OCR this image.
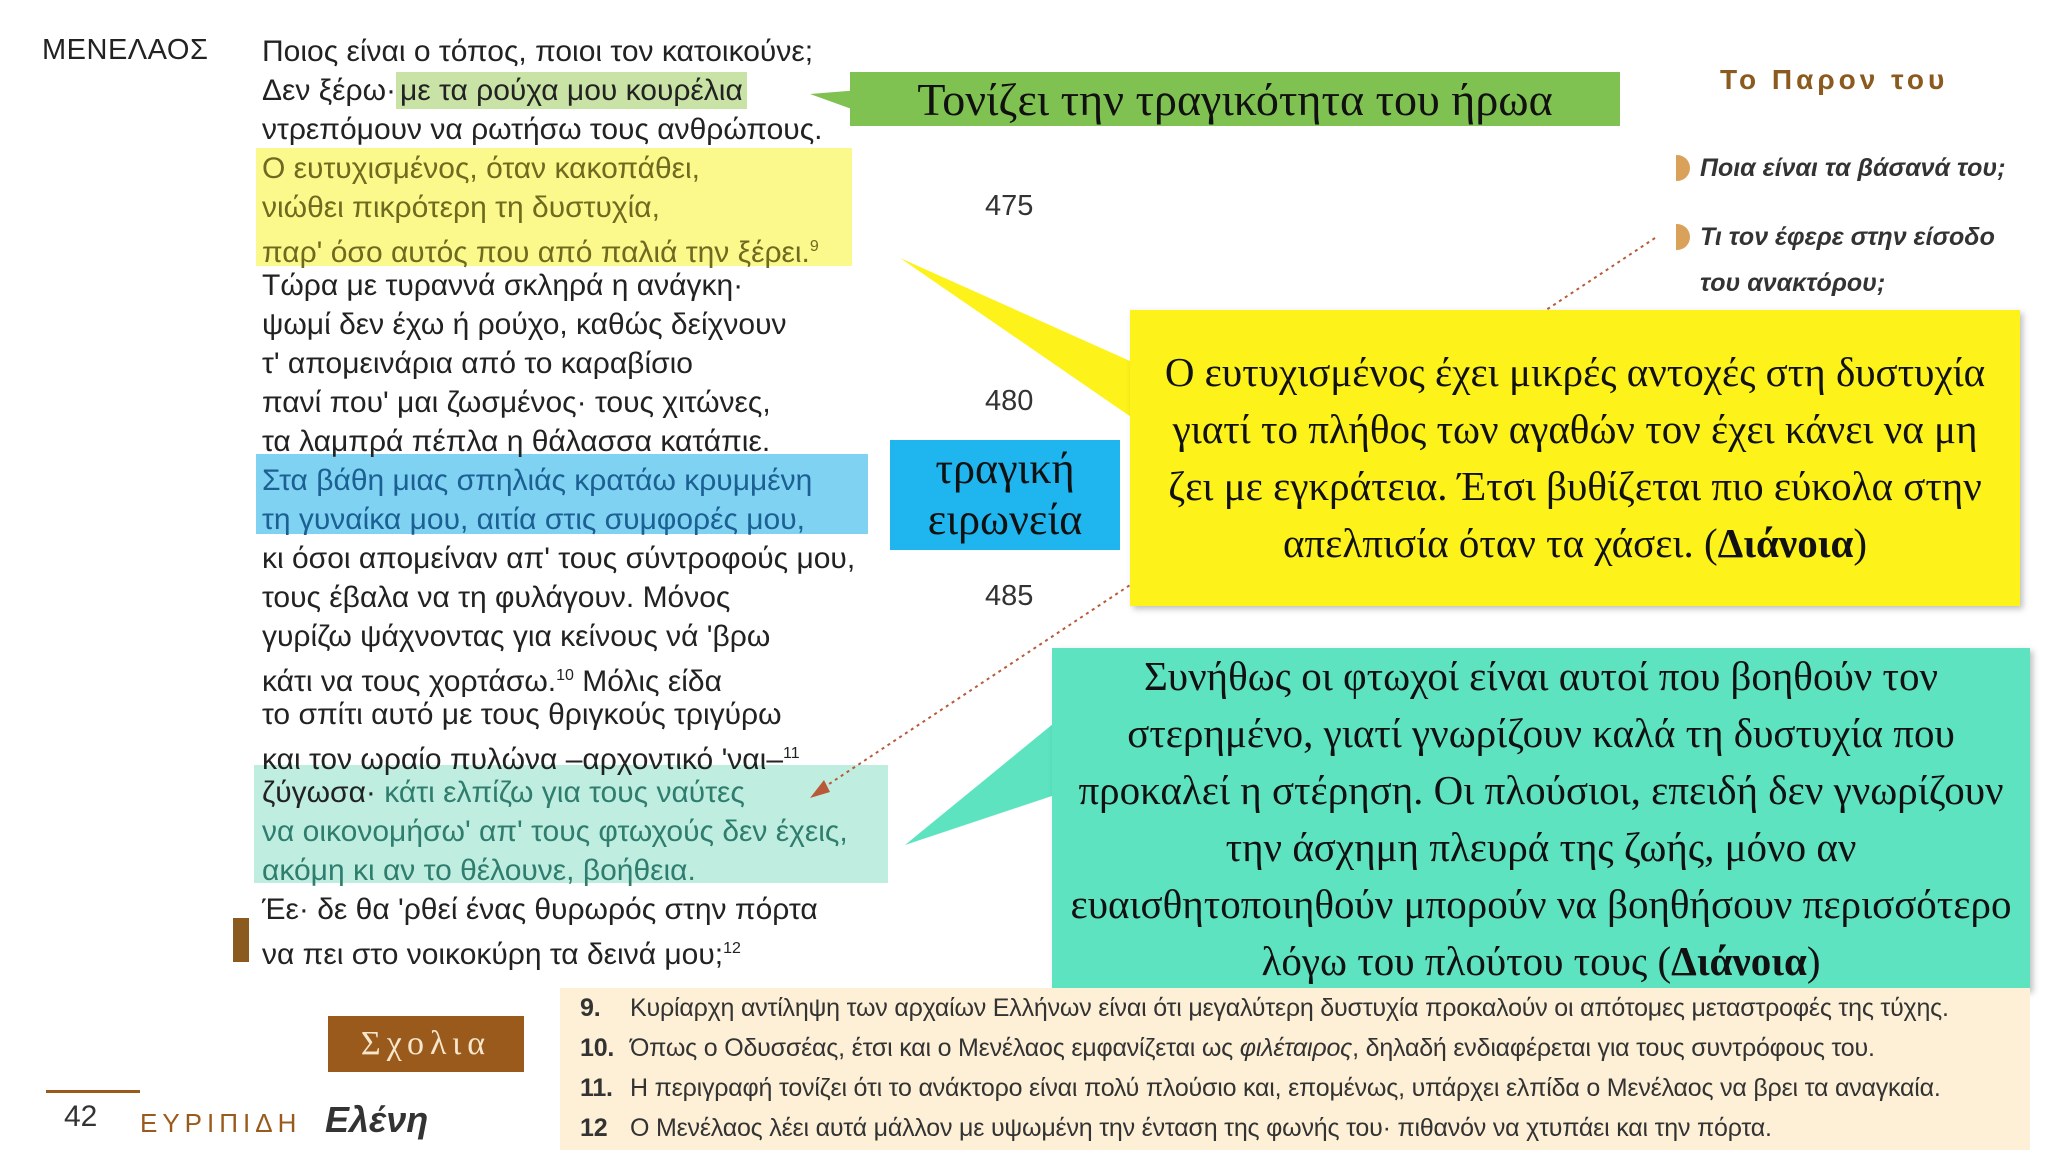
ΜΕΝΕΛΑΟΣ Ποιος είναι ο τόπος, ποιοι τον κατοικούνε;
Δεν ξέρω· με τα ρούχα μου κουρέλια
ντρεπόμουν να ρωτήσω τους ανθρώπους.
Ο ευτυχισμένος, όταν κακοπάθει,
νιώθει πικρότερη τη δυστυχία,
παρ' όσο αυτός που από παλιά την ξέρει.$^9$
Τώρα με τυραννά σκληρά η ανάγκη·
ψωμί δεν έχω ή ρούχο, καθώς δείχνουν
τ' απομεινάρια από το καραβίσιο
πανί που' μαι ζωσμένος· τους χιτώνες,
τα λαμπρά πέπλα η θάλασσα κατάπιε.
Στα βάθη μιας σπηλιάς κρατάω κρυμμένη
τη γυναίκα μου, αιτία στις συμφορές μου,
κι όσοι απομείναν απ' τους σύντροφούς μου,
τους έβαλα να τη φυλάγουν. Μόνος
γυρίζω ψάχνοντας για κείνους νά 'βρω
κάτι να τους χορτάσω.$^{10}$ Μόλις είδα
το σπίτι αυτό με τους θριγκούς τριγύρω
και τον ωραίο πυλώνα –αρχοντικό 'ναι–$^{11}$
ζύγωσα· κάτι ελπίζω για τους ναύτες
να οικονομήσω' απ' τους φτωχούς δεν έχεις,
ακόμη κι αν το θέλουνε, βοήθεια.
Έε· δε θα 'ρθεί ένας θυρωρός στην πόρτα
να πει στο νοικοκύρη τα δεινά μου;$^{12}$
475
480
485
Τονίζει την τραγικότητα του ήρωα
τραγική
ειρωνεία
Ο ευτυχισμένος έχει μικρές αντοχές στη δυστυχία γιατί το πλήθος των αγαθών τον έχει κάνει να μη ζει με εγκράτεια. Έτσι βυθίζεται πιο εύκολα στην απελπισία όταν τα χάσει. (Διάνοια)
Συνήθως οι φτωχοί είναι αυτοί που βοηθούν τον στερημένο, γιατί γνωρίζουν καλά τη δυστυχία που προκαλεί η στέρηση. Οι πλούσιοι, επειδή δεν γνωρίζουν την άσχημη πλευρά της ζωής, μόνο αν ευαισθητοποιηθούν μπορούν να βοηθήσουν περισσότερο λόγω του πλούτου τους (Διάνοια)
Το Παρον του
Ποια είναι τα βάσανά του;
Τι τον έφερε στην είσοδο
του ανακτόρου;
Σχολια
9. Κυρίαρχη αντίληψη των αρχαίων Ελλήνων είναι ότι μεγαλύτερη δυστυχία προκαλούν οι απότομες μεταστροφές της τύχης.
10. Όπως ο Οδυσσέας, έτσι και ο Μενέλαος εμφανίζεται ως φιλέταιρος, δηλαδή ενδιαφέρεται για τους συντρόφους του.
11. Η περιγραφή τονίζει ότι το ανάκτορο είναι πολύ πλούσιο και, επομένως, υπάρχει ελπίδα ο Μενέλαος να βρει τα αναγκαία.
12 Ο Μενέλαος λέει αυτά μάλλον με υψωμένη την ένταση της φωνής του· πιθανόν να χτυπάει και την πόρτα.
42 ΕΥΡΙΠΙΔΗ Ελένη
